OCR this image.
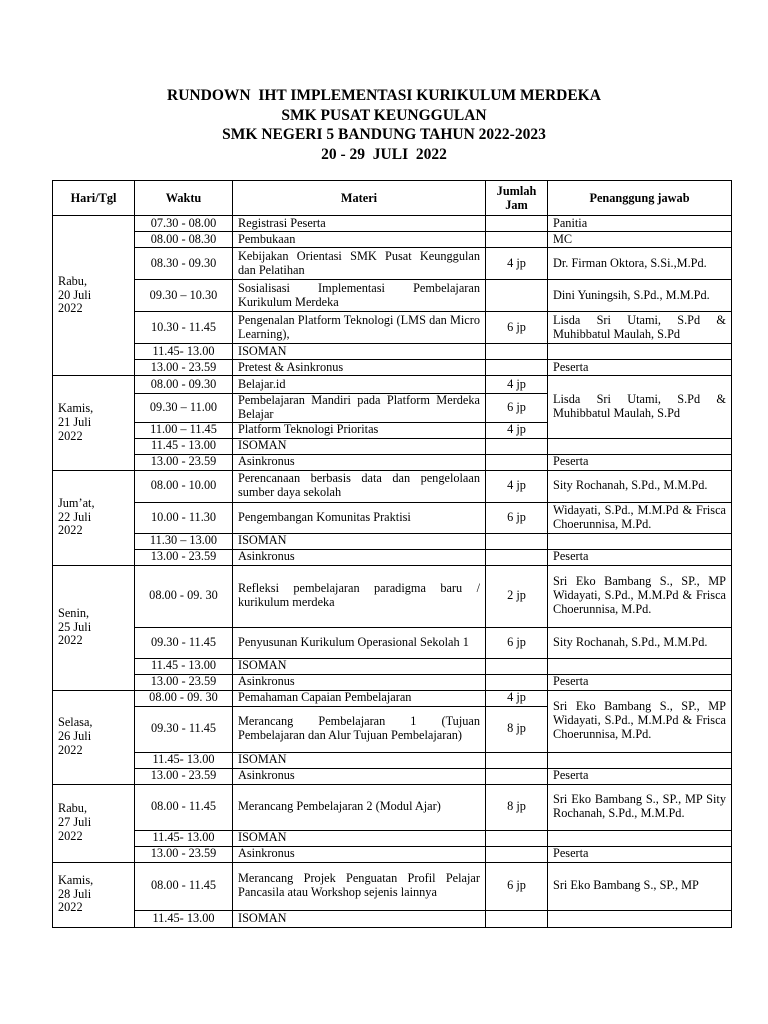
RUNDOWN  IHT IMPLEMENTASI KURIKULUM MERDEKA
SMK PUSAT KEUNGGULAN
SMK NEGERI 5 BANDUNG TAHUN 2022-2023
20 - 29  JULI  2022
Hari/Tgl	Waktu	Materi	Jumlah Jam	Penanggung jawab

Rabu,
20 Juli
2022	07.30 - 08.00	Registrasi Peserta		Panitia
	08.00 - 08.30	Pembukaan		MC
	08.30 - 09.30	Kebijakan Orientasi SMK Pusat Keunggulan dan Pelatihan	4 jp	Dr. Firman Oktora, S.Si.,M.Pd.
	09.30 – 10.30	Sosialisasi Implementasi Pembelajaran Kurikulum Merdeka		Dini Yuningsih, S.Pd., M.M.Pd.
	10.30 - 11.45	Pengenalan Platform Teknologi (LMS dan Micro Learning),	6 jp	Lisda Sri Utami, S.Pd & Muhibbatul Maulah, S.Pd
	11.45- 13.00	ISOMAN		
	13.00 - 23.59	Pretest & Asinkronus		Peserta

Kamis,
21 Juli
2022	08.00 - 09.30	Belajar.id	4 jp	Lisda Sri Utami, S.Pd & Muhibbatul Maulah, S.Pd
	09.30 – 11.00	Pembelajaran Mandiri pada Platform Merdeka Belajar	6 jp	
	11.00 – 11.45	Platform Teknologi Prioritas	4 jp	
	11.45 - 13.00	ISOMAN		
	13.00 - 23.59	Asinkronus		Peserta

Jum’at,
22 Juli
2022	08.00 - 10.00	Perencanaan berbasis data dan pengelolaan sumber daya sekolah	4 jp	Sity Rochanah, S.Pd., M.M.Pd.
	10.00 - 11.30	Pengembangan Komunitas Praktisi	6 jp	Widayati, S.Pd., M.M.Pd & Frisca Choerunnisa, M.Pd.
	11.30 – 13.00	ISOMAN		
	13.00 - 23.59	Asinkronus		Peserta

Senin,
25 Juli
2022	08.00 - 09. 30	Refleksi pembelajaran paradigma baru / kurikulum merdeka	2 jp	Sri Eko Bambang S., SP., MP Widayati, S.Pd., M.M.Pd & Frisca Choerunnisa, M.Pd.
	09.30 - 11.45	Penyusunan Kurikulum Operasional Sekolah 1	6 jp	Sity Rochanah, S.Pd., M.M.Pd.
	11.45 - 13.00	ISOMAN		
	13.00 - 23.59	Asinkronus		Peserta

Selasa,
26 Juli
2022	08.00 - 09. 30	Pemahaman Capaian Pembelajaran	4 jp	Sri Eko Bambang S., SP., MP Widayati, S.Pd., M.M.Pd & Frisca Choerunnisa, M.Pd.
	09.30 - 11.45	Merancang Pembelajaran 1 (Tujuan Pembelajaran dan Alur Tujuan Pembelajaran)	8 jp	
	11.45- 13.00	ISOMAN		
	13.00 - 23.59	Asinkronus		Peserta

Rabu,
27 Juli
2022	08.00 - 11.45	Merancang Pembelajaran 2 (Modul Ajar)	8 jp	Sri Eko Bambang S., SP., MP Sity Rochanah, S.Pd., M.M.Pd.
	11.45- 13.00	ISOMAN		
	13.00 - 23.59	Asinkronus		Peserta

Kamis,
28 Juli
2022	08.00 - 11.45	Merancang Projek Penguatan Profil Pelajar Pancasila atau Workshop sejenis lainnya	6 jp	Sri Eko Bambang S., SP., MP
	11.45- 13.00	ISOMAN		
